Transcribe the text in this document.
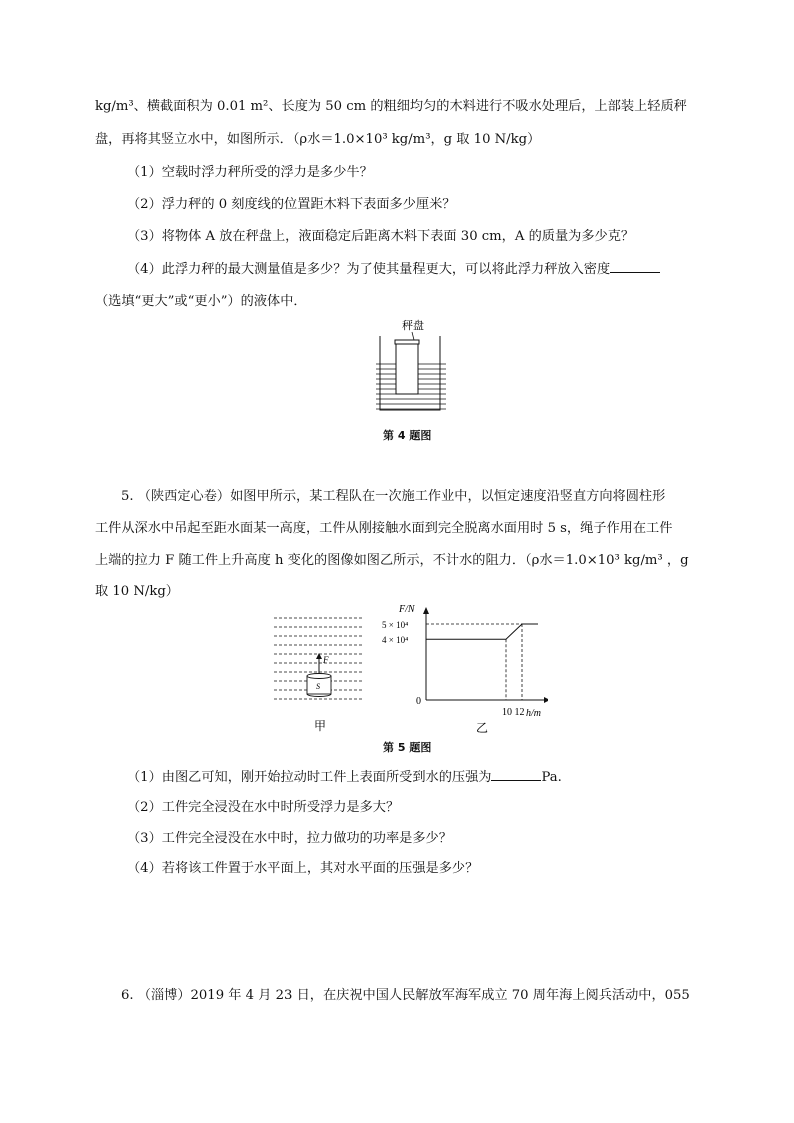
kg/m³、横截面积为 0.01 m²、长度为 50 cm 的粗细均匀的木料进行不吸水处理后，上部装上轻质秤
盘，再将其竖立水中，如图所示．（ρ水＝1.0×10³ kg/m³，g 取 10 N/kg）
（1）空载时浮力秤所受的浮力是多少牛？
（2）浮力秤的 0 刻度线的位置距木料下表面多少厘米？
（3）将物体 A 放在秤盘上，液面稳定后距离木料下表面 30 cm，A 的质量为多少克？
（4）此浮力秤的最大测量值是多少？为了使其量程更大，可以将此浮力秤放入密度
（选填“更大”或“更小”）的液体中．
秤盘
第 4 题图
5. （陕西定心卷）如图甲所示，某工程队在一次施工作业中，以恒定速度沿竖直方向将圆柱形
工件从深水中吊起至距水面某一高度，工件从刚接触水面到完全脱离水面用时 5 s，绳子作用在工件
上端的拉力 F 随工件上升高度 h 变化的图像如图乙所示，不计水的阻力．（ρ水＝1.0×10³ kg/m³ ，g
取 10 N/kg）
F
S
甲
F/N
h/m
0
5 × 10⁴
4 × 10⁴
10 12
乙
第 5 题图
（1）由图乙可知，刚开始拉动时工件上表面所受到水的压强为	Pa.
（2）工件完全浸没在水中时所受浮力是多大？
（3）工件完全浸没在水中时，拉力做功的功率是多少？
（4）若将该工件置于水平面上，其对水平面的压强是多少？
6. （淄博）2019 年 4 月 23 日，在庆祝中国人民解放军海军成立 70 周年海上阅兵活动中，055
